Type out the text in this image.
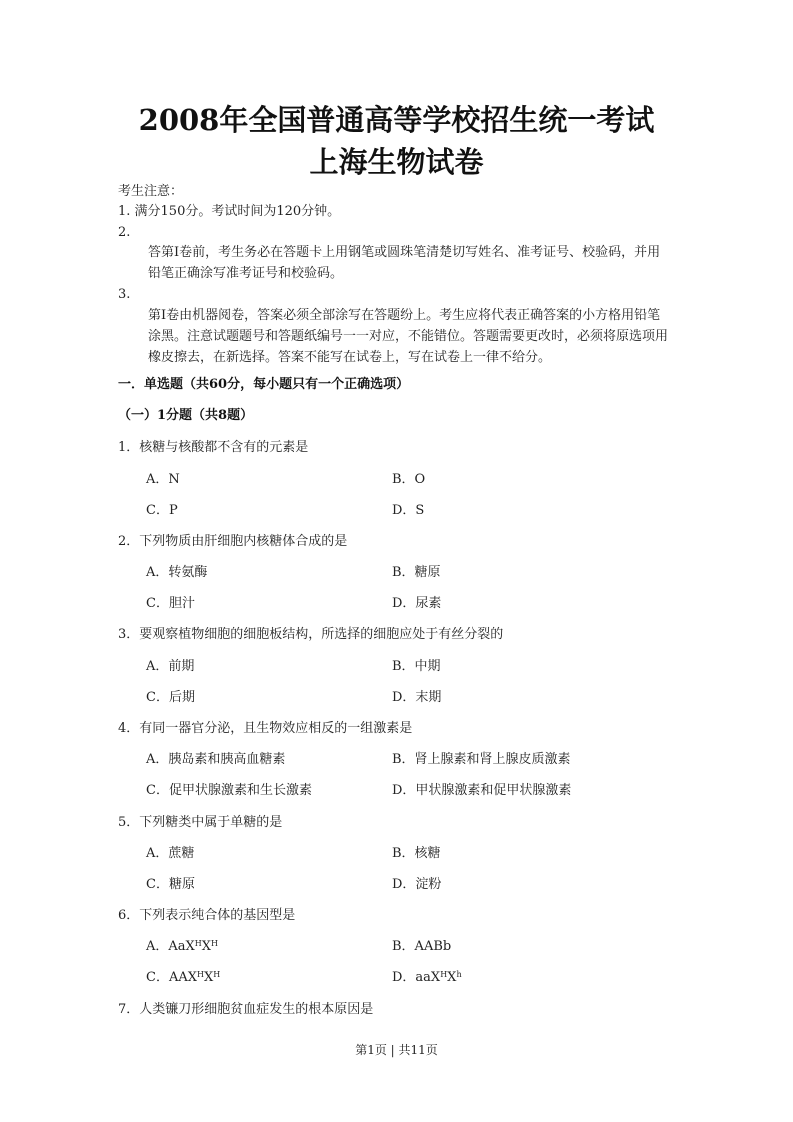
2008年全国普通高等学校招生统一考试
上海生物试卷
考生注意：
1. 满分150分。考试时间为120分钟。
2.
答第Ⅰ卷前，考生务必在答题卡上用钢笔或圆珠笔清楚切写姓名、准考证号、校验码，并用铅笔正确涂写准考证号和校验码。
3.
第Ⅰ卷由机器阅卷，答案必须全部涂写在答题纷上。考生应将代表正确答案的小方格用铅笔涂黑。注意试题题号和答题纸编号一一对应，不能错位。答题需要更改时，必须将原选项用橡皮擦去，在新选择。答案不能写在试卷上，写在试卷上一律不给分。
一．单选题（共60分，每小题只有一个正确选项）
（一）1分题（共8题）
1．核糖与核酸都不含有的元素是
A．N	B．O
C．P	D．S
2．下列物质由肝细胞内核糖体合成的是
A．转氨酶	B．糖原
C．胆汁	D．尿素
3．要观察植物细胞的细胞板结构，所选择的细胞应处于有丝分裂的
A．前期	B．中期
C．后期	D．末期
4．有同一器官分泌，且生物效应相反的一组激素是
A．胰岛素和胰高血糖素	B．肾上腺素和肾上腺皮质激素
C．促甲状腺激素和生长激素	D．甲状腺激素和促甲状腺激素
5．下列糖类中属于单糖的是
A．蔗糖	B．核糖
C．糖原	D．淀粉
6．下列表示纯合体的基因型是
A．$AaX^HX^H$	B．AABb
C．$AAX^HX^H$	D．$aaX^HX^h$
7．人类镰刀形细胞贫血症发生的根本原因是
第1页 | 共11页
